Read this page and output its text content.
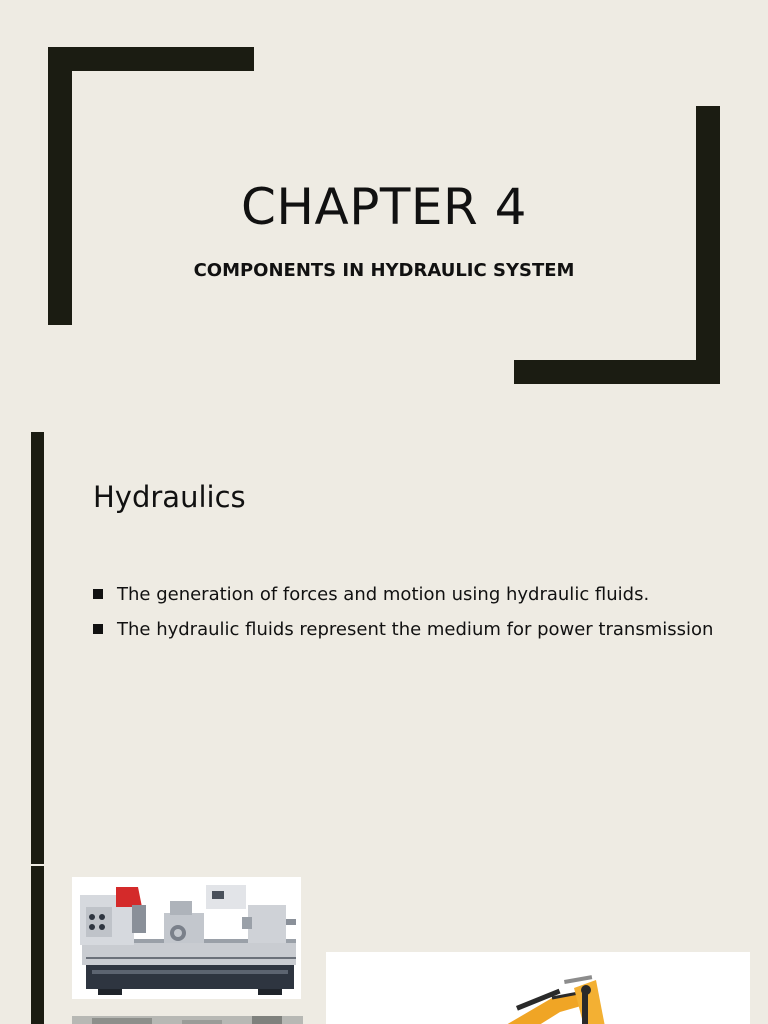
CHAPTER 4

COMPONENTS IN HYDRAULIC SYSTEM

Hydraulics
The generation of forces and motion using hydraulic fluids.
The hydraulic fluids represent the medium for power transmission
